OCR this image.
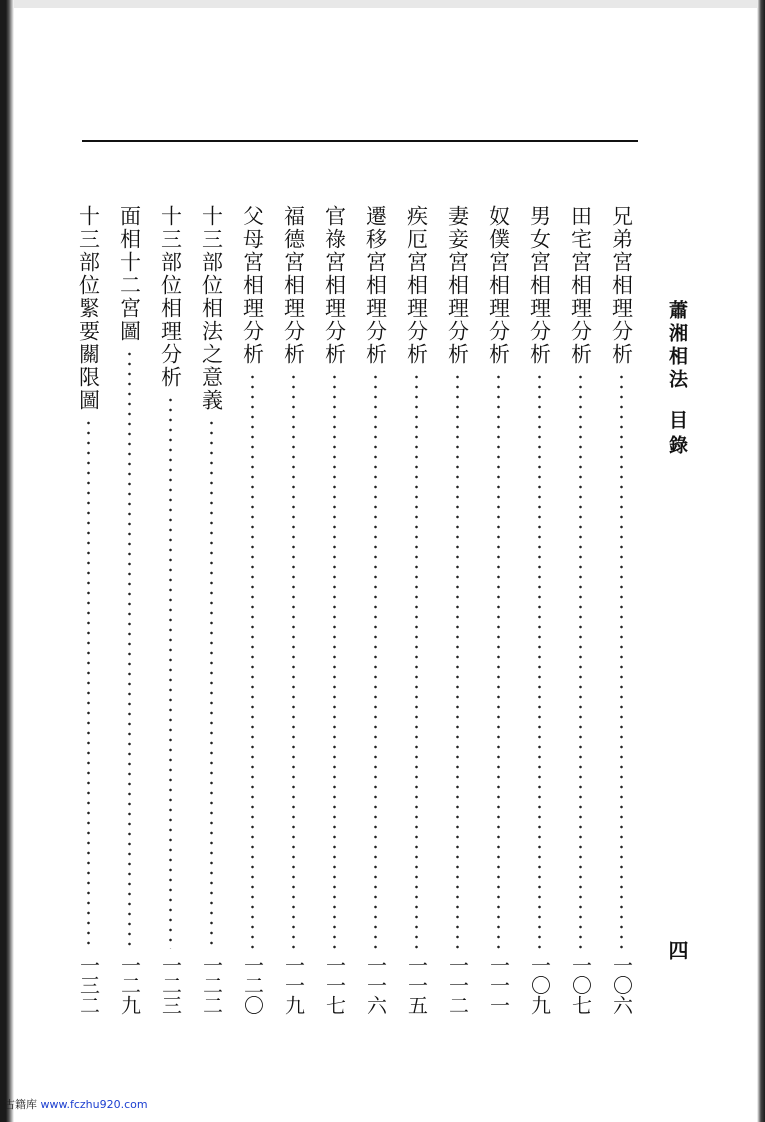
蕭湘相法
目錄
四
兄弟宮相理分析
一〇六
田宅宮相理分析
一〇七
男女宮相理分析
一〇九
奴僕宮相理分析
一一一
妻妾宮相理分析
一一二
疾厄宮相理分析
一一五
遷移宮相理分析
一一六
官祿宮相理分析
一一七
福德宮相理分析
一一九
父母宮相理分析
一二〇
十三部位相法之意義
一二二
十三部位相理分析
一二三
面相十二宮圖
一二九
十三部位緊要關限圖
一三二
古籍库 www.fczhu920.com
